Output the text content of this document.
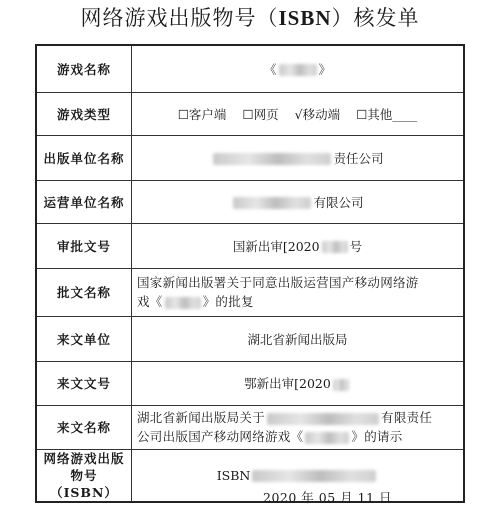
网络游戏出版物号（ISBN）核发单
游戏名称	《 》
游戏类型	☐客户端 ☐网页 √移动端 ☐其他____
出版单位名称	责任公司
运营单位名称	有限公司
审批文号	国新出审[2020 号
批文名称	国家新闻出版署关于同意出版运营国产移动网络游
戏《 》的批复
来文单位	湖北省新闻出版局
来文文号	鄂新出审[2020
来文名称	湖北省新闻出版局关于 有限责任
公司出版国产移动网络游戏《 》的请示
网络游戏出版
物号（ISBN）	ISBN
2020 年 05 月 11 日
